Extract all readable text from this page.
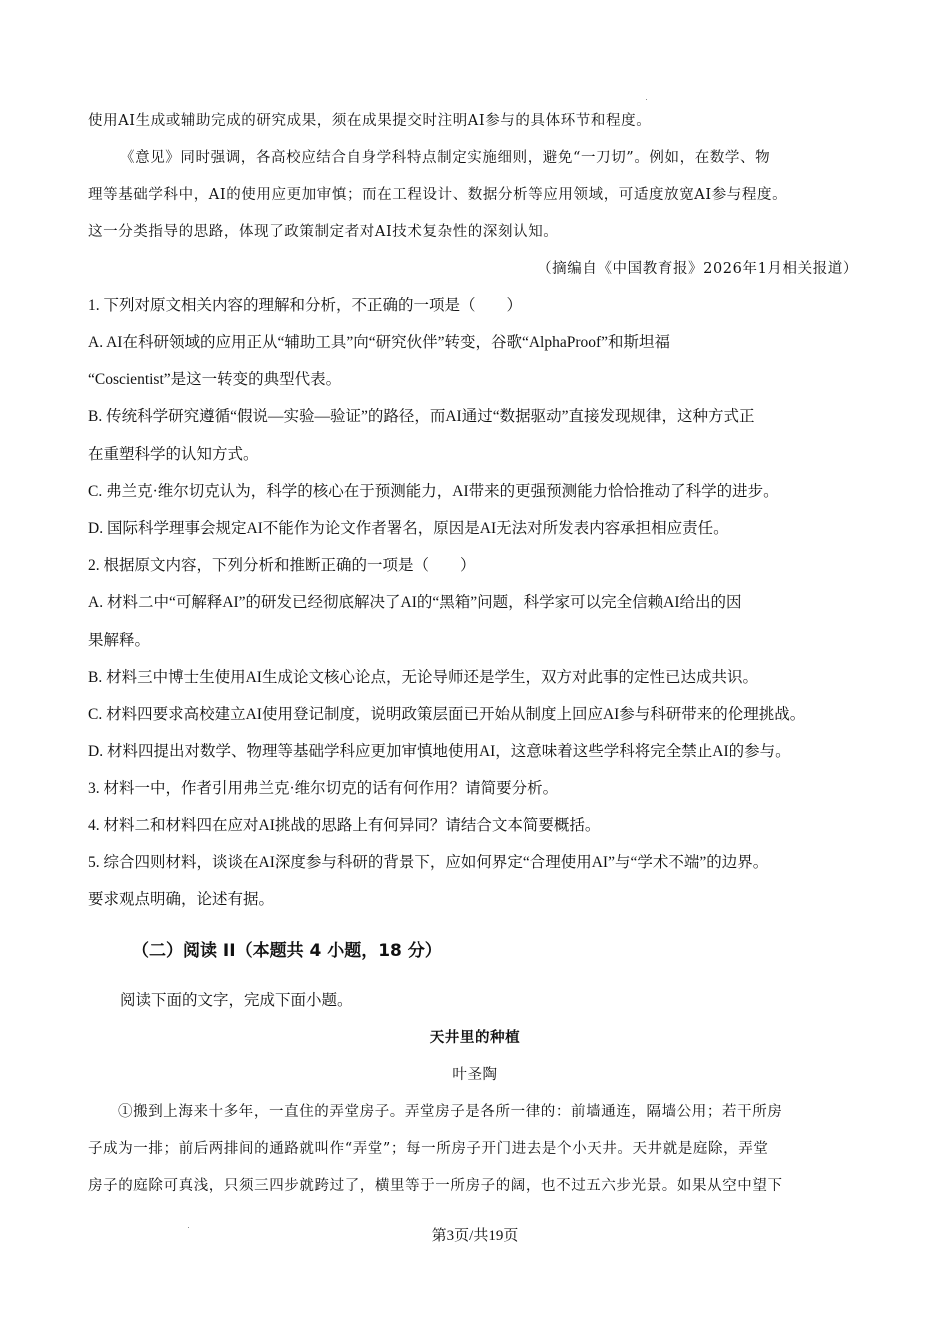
使用AI生成或辅助完成的研究成果，须在成果提交时注明AI参与的具体环节和程度。
《意见》同时强调，各高校应结合自身学科特点制定实施细则，避免“一刀切”。例如，在数学、物
理等基础学科中，AI的使用应更加审慎；而在工程设计、数据分析等应用领域，可适度放宽AI参与程度。
这一分类指导的思路，体现了政策制定者对AI技术复杂性的深刻认知。
（摘编自《中国教育报》2026年1月相关报道）
1. 下列对原文相关内容的理解和分析，不正确的一项是（　　）
A. AI在科研领域的应用正从“辅助工具”向“研究伙伴”转变，谷歌“AlphaProof”和斯坦福
“Coscientist”是这一转变的典型代表。
B. 传统科学研究遵循“假说—实验—验证”的路径，而AI通过“数据驱动”直接发现规律，这种方式正
在重塑科学的认知方式。
C. 弗兰克·维尔切克认为，科学的核心在于预测能力，AI带来的更强预测能力恰恰推动了科学的进步。
D. 国际科学理事会规定AI不能作为论文作者署名，原因是AI无法对所发表内容承担相应责任。
2. 根据原文内容，下列分析和推断正确的一项是（　　）
A. 材料二中“可解释AI”的研发已经彻底解决了AI的“黑箱”问题，科学家可以完全信赖AI给出的因
果解释。
B. 材料三中博士生使用AI生成论文核心论点，无论导师还是学生，双方对此事的定性已达成共识。
C. 材料四要求高校建立AI使用登记制度，说明政策层面已开始从制度上回应AI参与科研带来的伦理挑战。
D. 材料四提出对数学、物理等基础学科应更加审慎地使用AI，这意味着这些学科将完全禁止AI的参与。
3. 材料一中，作者引用弗兰克·维尔切克的话有何作用？请简要分析。
4. 材料二和材料四在应对AI挑战的思路上有何异同？请结合文本简要概括。
5. 综合四则材料，谈谈在AI深度参与科研的背景下，应如何界定“合理使用AI”与“学术不端”的边界。
要求观点明确，论述有据。
（二）阅读 II（本题共 4 小题，18 分）
阅读下面的文字，完成下面小题。
天井里的种植
叶圣陶
①搬到上海来十多年，一直住的弄堂房子。弄堂房子是各所一律的：前墙通连，隔墙公用；若干所房
子成为一排；前后两排间的通路就叫作“弄堂”；每一所房子开门进去是个小天井。天井就是庭除，弄堂
房子的庭除可真浅，只须三四步就跨过了，横里等于一所房子的阔，也不过五六步光景。如果从空中望下
第3页/共19页
